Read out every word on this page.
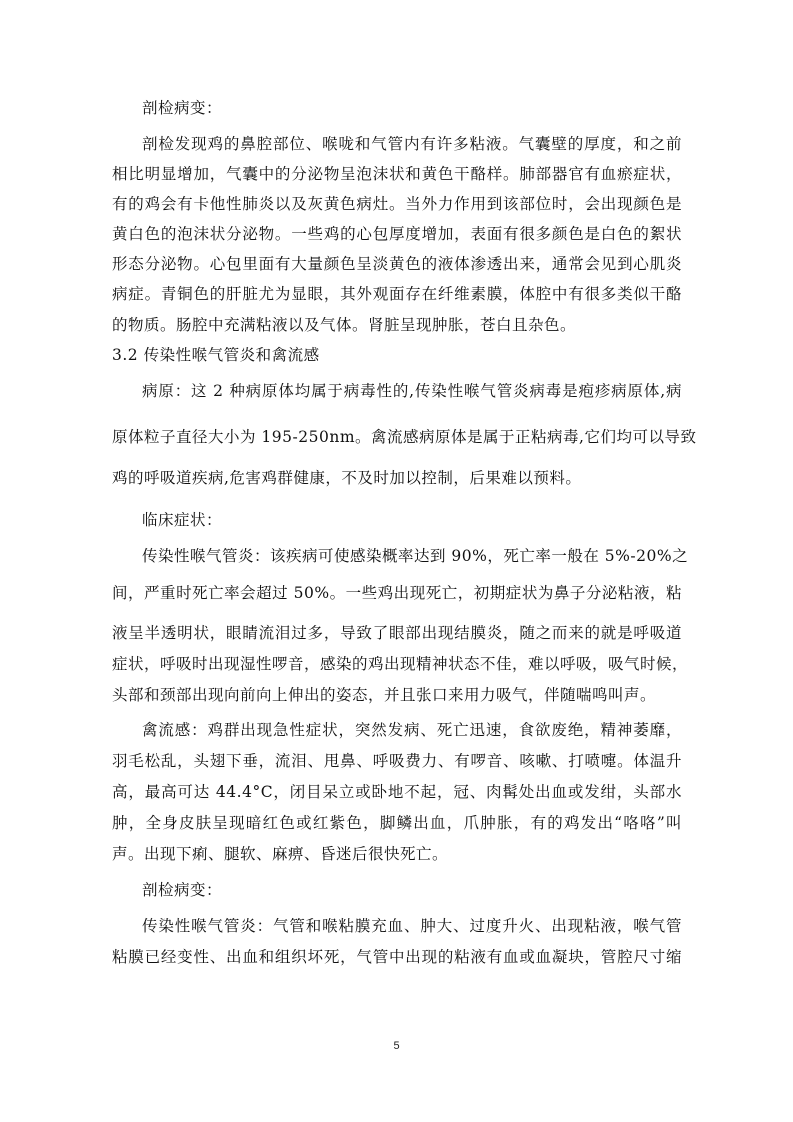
剖检病变：
剖检发现鸡的鼻腔部位、喉咙和气管内有许多粘液。气囊壁的厚度，和之前
相比明显增加，气囊中的分泌物呈泡沫状和黄色干酪样。肺部器官有血瘀症状，
有的鸡会有卡他性肺炎以及灰黄色病灶。当外力作用到该部位时，会出现颜色是
黄白色的泡沫状分泌物。一些鸡的心包厚度增加，表面有很多颜色是白色的絮状
形态分泌物。心包里面有大量颜色呈淡黄色的液体渗透出来，通常会见到心肌炎
病症。青铜色的肝脏尤为显眼，其外观面存在纤维素膜，体腔中有很多类似干酪
的物质。肠腔中充满粘液以及气体。肾脏呈现肿胀，苍白且杂色。
3.2 传染性喉气管炎和禽流感
病原：这 2 种病原体均属于病毒性的,传染性喉气管炎病毒是疱疹病原体,病
原体粒子直径大小为 195-250nm。禽流感病原体是属于正粘病毒,它们均可以导致
鸡的呼吸道疾病,危害鸡群健康，不及时加以控制，后果难以预料。
临床症状：
传染性喉气管炎：该疾病可使感染概率达到 90%，死亡率一般在 5%-20%之
间，严重时死亡率会超过 50%。一些鸡出现死亡，初期症状为鼻子分泌粘液，粘
液呈半透明状，眼睛流泪过多，导致了眼部出现结膜炎，随之而来的就是呼吸道
症状，呼吸时出现湿性啰音，感染的鸡出现精神状态不佳，难以呼吸，吸气时候，
头部和颈部出现向前向上伸出的姿态，并且张口来用力吸气，伴随喘鸣叫声。
禽流感：鸡群出现急性症状，突然发病、死亡迅速，食欲废绝，精神萎靡，
羽毛松乱，头翅下垂，流泪、甩鼻、呼吸费力、有啰音、咳嗽、打喷嚏。体温升
高，最高可达 44.4°C，闭目呆立或卧地不起，冠、肉髯处出血或发绀，头部水
肿，全身皮肤呈现暗红色或红紫色，脚鳞出血，爪肿胀，有的鸡发出“咯咯”叫
声。出现下痢、腿软、麻痹、昏迷后很快死亡。
剖检病变：
传染性喉气管炎：气管和喉粘膜充血、肿大、过度升火、出现粘液，喉气管
粘膜已经变性、出血和组织坏死，气管中出现的粘液有血或血凝块，管腔尺寸缩
5
